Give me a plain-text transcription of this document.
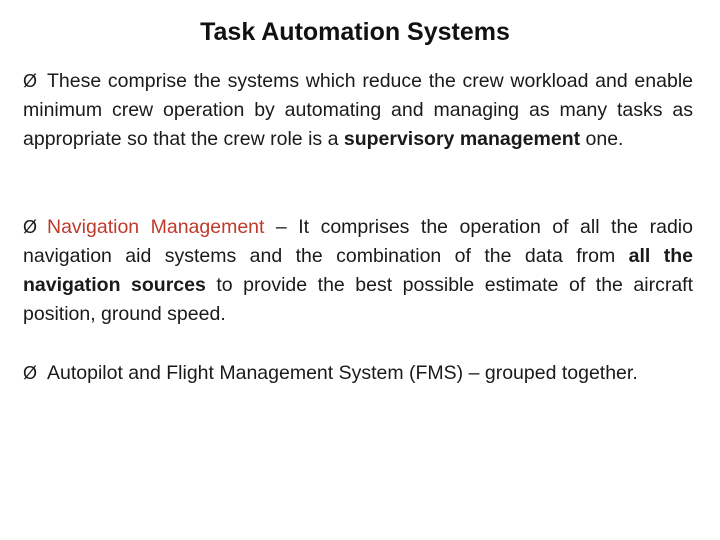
Task Automation Systems
Ø These comprise the systems which reduce the crew workload and enable minimum crew operation by automating and managing as many tasks as appropriate so that the crew role is a supervisory management one.
Ø Navigation Management – It comprises the operation of all the radio navigation aid systems and the combination of the data from all the navigation sources to provide the best possible estimate of the aircraft position, ground speed.
Ø Autopilot and Flight Management System (FMS) – grouped together.
